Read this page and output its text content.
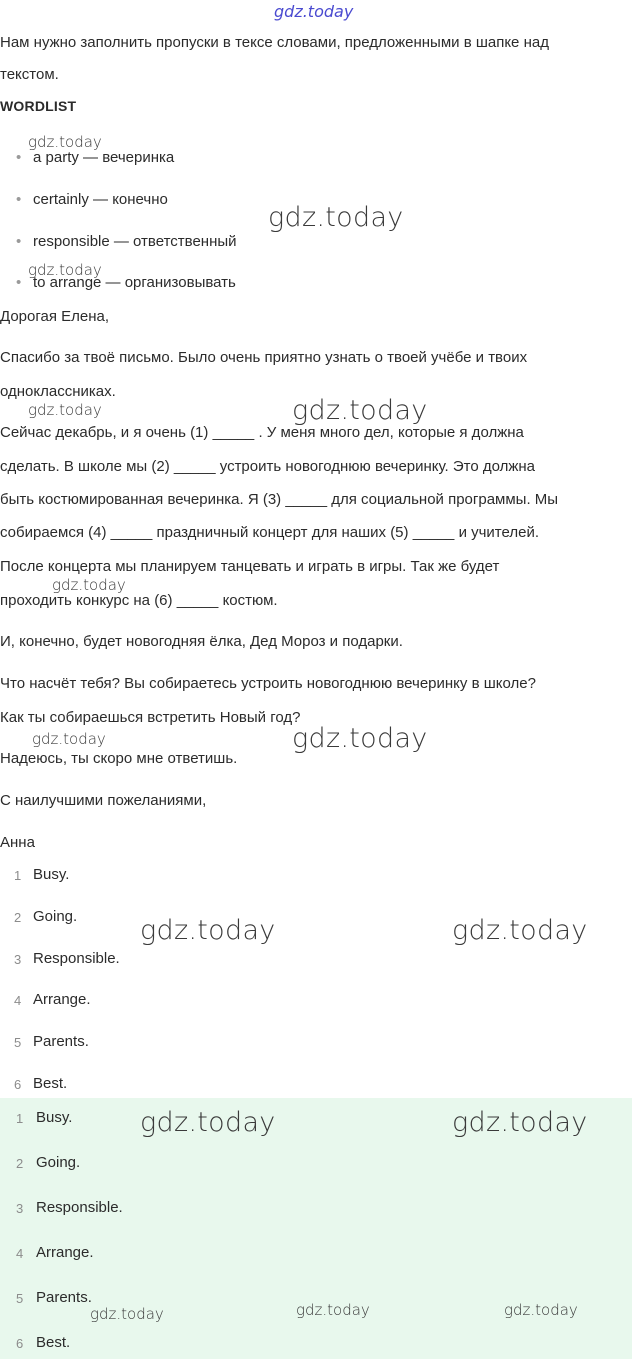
gdz.today
Нам нужно заполнить пропуски в тексе словами, предложенными в шапке над
текстом.
WORDLIST
• a party — вечеринка
• certainly — конечно
• responsible — ответственный
• to arrange — организовывать
Дорогая Елена,
Спасибо за твоё письмо. Было очень приятно узнать о твоей учёбе и твоих
одноклассниках.
Сейчас декабрь, и я очень (1) _____ . У меня много дел, которые я должна
сделать. В школе мы (2) _____ устроить новогоднюю вечеринку. Это должна
быть костюмированная вечеринка. Я (3) _____ для социальной программы. Мы
собираемся (4) _____ праздничный концерт для наших (5) _____ и учителей.
После концерта мы планируем танцевать и играть в игры. Так же будет
проходить конкурс на (6) _____ костюм.
И, конечно, будет новогодняя ёлка, Дед Мороз и подарки.
Что насчёт тебя? Вы собираетесь устроить новогоднюю вечеринку в школе?
Как ты собираешься встретить Новый год?
Надеюсь, ты скоро мне ответишь.
С наилучшими пожеланиями,
Анна
1 Busy.
2 Going.
3 Responsible.
4 Arrange.
5 Parents.
6 Best.
1 Busy.
2 Going.
3 Responsible.
4 Arrange.
5 Parents.
6 Best.
gdz.today
gdz.today
gdz.today
gdz.today	gdz.today
gdz.today
gdz.today	gdz.today
gdz.today	gdz.today
gdz.today	gdz.today
gdz.today	gdz.today	gdz.today
